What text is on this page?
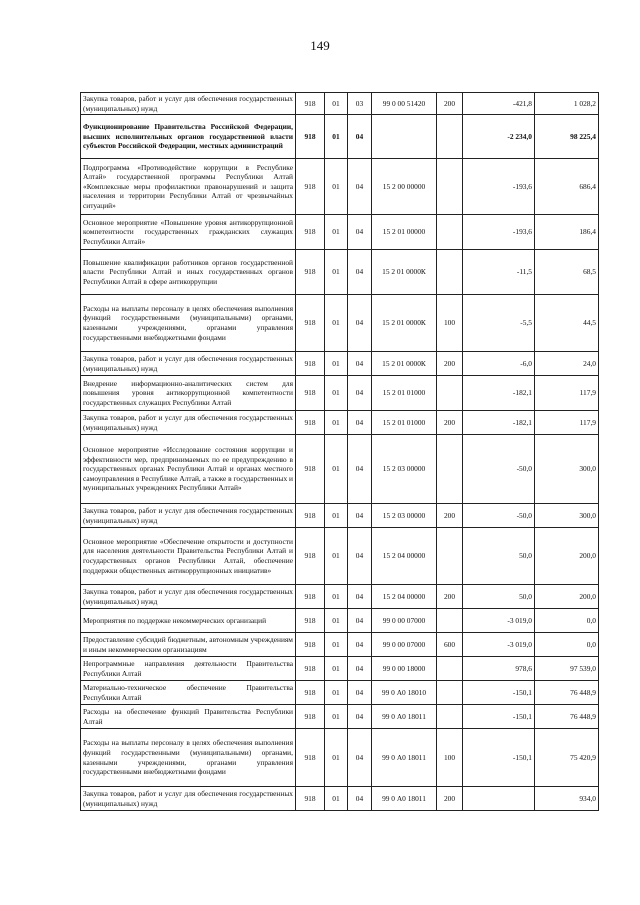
149
Закупка товаров, работ и услуг для обеспечения государственных (муниципальных) нужд	918	01	03	99 0 00 51420	200	-421,8	1 028,2
Функционирование Правительства Российской Федерации, высших исполнительных органов государственной власти субъектов Российской Федерации, местных администраций	918	01	04			-2 234,0	98 225,4
Подпрограмма «Противодействие коррупции в Республике Алтай» государственной программы Республики Алтай «Комплексные меры профилактики правонарушений и защита населения и территории Республики Алтай от чрезвычайных ситуаций»	918	01	04	15 2 00 00000		-193,6	686,4
Основное мероприятие «Повышение уровня антикоррупционной компетентности государственных гражданских служащих Республики Алтай»	918	01	04	15 2 01 00000		-193,6	186,4
Повышение квалификации работников органов государственной власти Республики Алтай и иных государственных органов Республики Алтай в сфере антикоррупции	918	01	04	15 2 01 0000К		-11,5	68,5
Расходы на выплаты персоналу в целях обеспечения выполнения функций государственными (муниципальными) органами, казенными учреждениями, органами управления государственными внебюджетными фондами	918	01	04	15 2 01 0000К	100	-5,5	44,5
Закупка товаров, работ и услуг для обеспечения государственных (муниципальных) нужд	918	01	04	15 2 01 0000К	200	-6,0	24,0
Внедрение информационно-аналитических систем для повышения уровня антикоррупционной компетентности государственных служащих Республики Алтай	918	01	04	15 2 01 01000		-182,1	117,9
Закупка товаров, работ и услуг для обеспечения государственных (муниципальных) нужд	918	01	04	15 2 01 01000	200	-182,1	117,9
Основное мероприятие «Исследование состояния коррупции и эффективности мер, предпринимаемых по ее предупреждению в государственных органах Республики Алтай и органах местного самоуправления в Республике Алтай, а также в государственных и муниципальных учреждениях Республики Алтай»	918	01	04	15 2 03 00000		-50,0	300,0
Закупка товаров, работ и услуг для обеспечения государственных (муниципальных) нужд	918	01	04	15 2 03 00000	200	-50,0	300,0
Основное мероприятие «Обеспечение открытости и доступности для населения деятельности Правительства Республики Алтай и государственных органов Республики Алтай, обеспечение поддержки общественных антикоррупционных инициатив»	918	01	04	15 2 04 00000		50,0	200,0
Закупка товаров, работ и услуг для обеспечения государственных (муниципальных) нужд	918	01	04	15 2 04 00000	200	50,0	200,0
Мероприятия по поддержке некоммерческих организаций	918	01	04	99 0 00 07000		-3 019,0	0,0
Предоставление субсидий бюджетным, автономным учреждениям и иным некоммерческим организациям	918	01	04	99 0 00 07000	600	-3 019,0	0,0
Непрограммные направления деятельности Правительства Республики Алтай	918	01	04	99 0 00 18000		978,6	97 539,0
Материально-техническое обеспечение Правительства Республики Алтай	918	01	04	99 0 А0 18010		-150,1	76 448,9
Расходы на обеспечение функций Правительства Республики Алтай	918	01	04	99 0 А0 18011		-150,1	76 448,9
Расходы на выплаты персоналу в целях обеспечения выполнения функций государственными (муниципальными) органами, казенными учреждениями, органами управления государственными внебюджетными фондами	918	01	04	99 0 А0 18011	100	-150,1	75 420,9
Закупка товаров, работ и услуг для обеспечения государственных (муниципальных) нужд	918	01	04	99 0 А0 18011	200		934,0
